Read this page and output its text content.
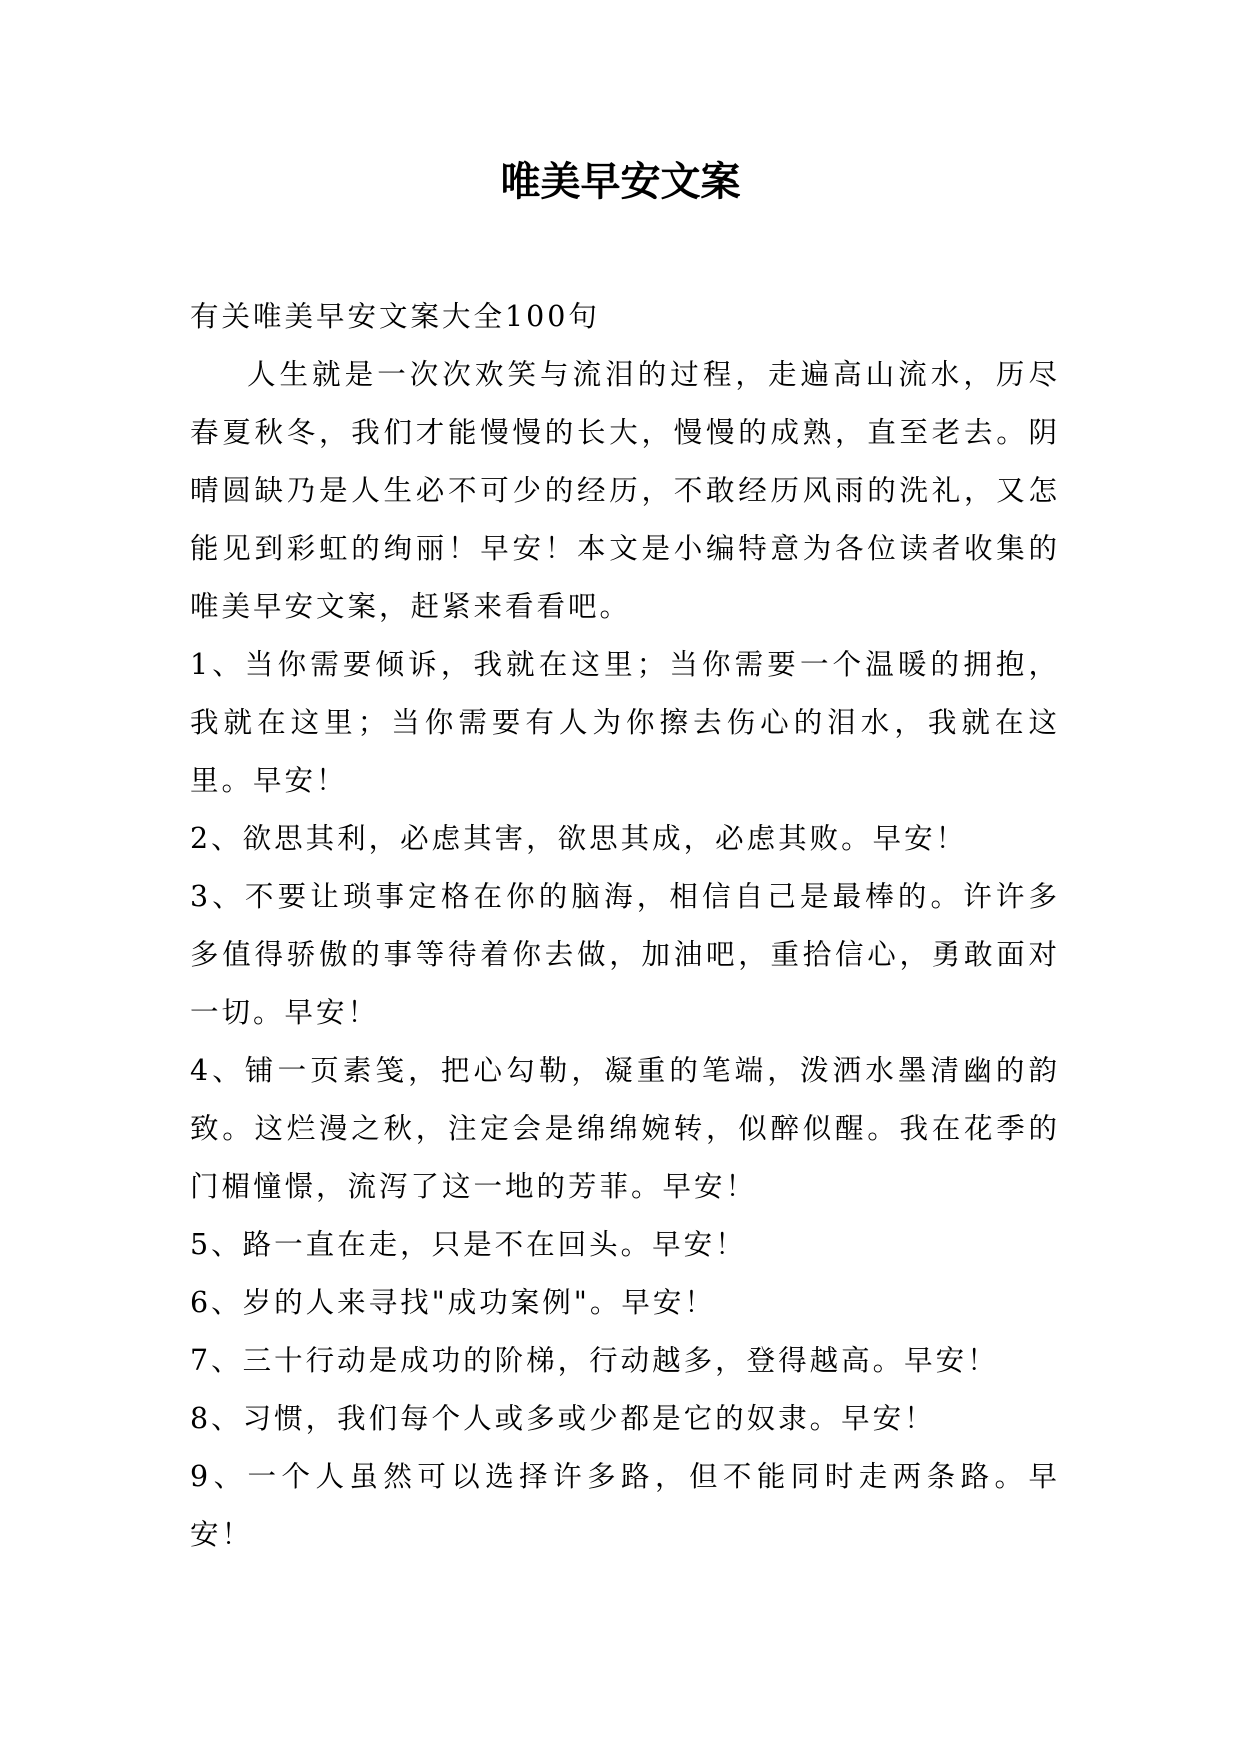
唯美早安文案

有关唯美早安文案大全100句

人生就是一次次欢笑与流泪的过程，走遍高山流水，历尽春夏秋冬，我们才能慢慢的长大，慢慢的成熟，直至老去。阴晴圆缺乃是人生必不可少的经历，不敢经历风雨的洗礼，又怎能见到彩虹的绚丽！早安！本文是小编特意为各位读者收集的唯美早安文案，赶紧来看看吧。

1、当你需要倾诉，我就在这里；当你需要一个温暖的拥抱，我就在这里；当你需要有人为你擦去伤心的泪水，我就在这里。早安！

2、欲思其利，必虑其害，欲思其成，必虑其败。早安！

3、不要让琐事定格在你的脑海，相信自己是最棒的。许许多多值得骄傲的事等待着你去做，加油吧，重拾信心，勇敢面对一切。早安！

4、铺一页素笺，把心勾勒，凝重的笔端，泼洒水墨清幽的韵致。这烂漫之秋，注定会是绵绵婉转，似醉似醒。我在花季的门楣憧憬，流泻了这一地的芳菲。早安！

5、路一直在走，只是不在回头。早安！

6、岁的人来寻找"成功案例"。早安！

7、三十行动是成功的阶梯，行动越多，登得越高。早安！

8、习惯，我们每个人或多或少都是它的奴隶。早安！

9、一个人虽然可以选择许多路，但不能同时走两条路。早安！
